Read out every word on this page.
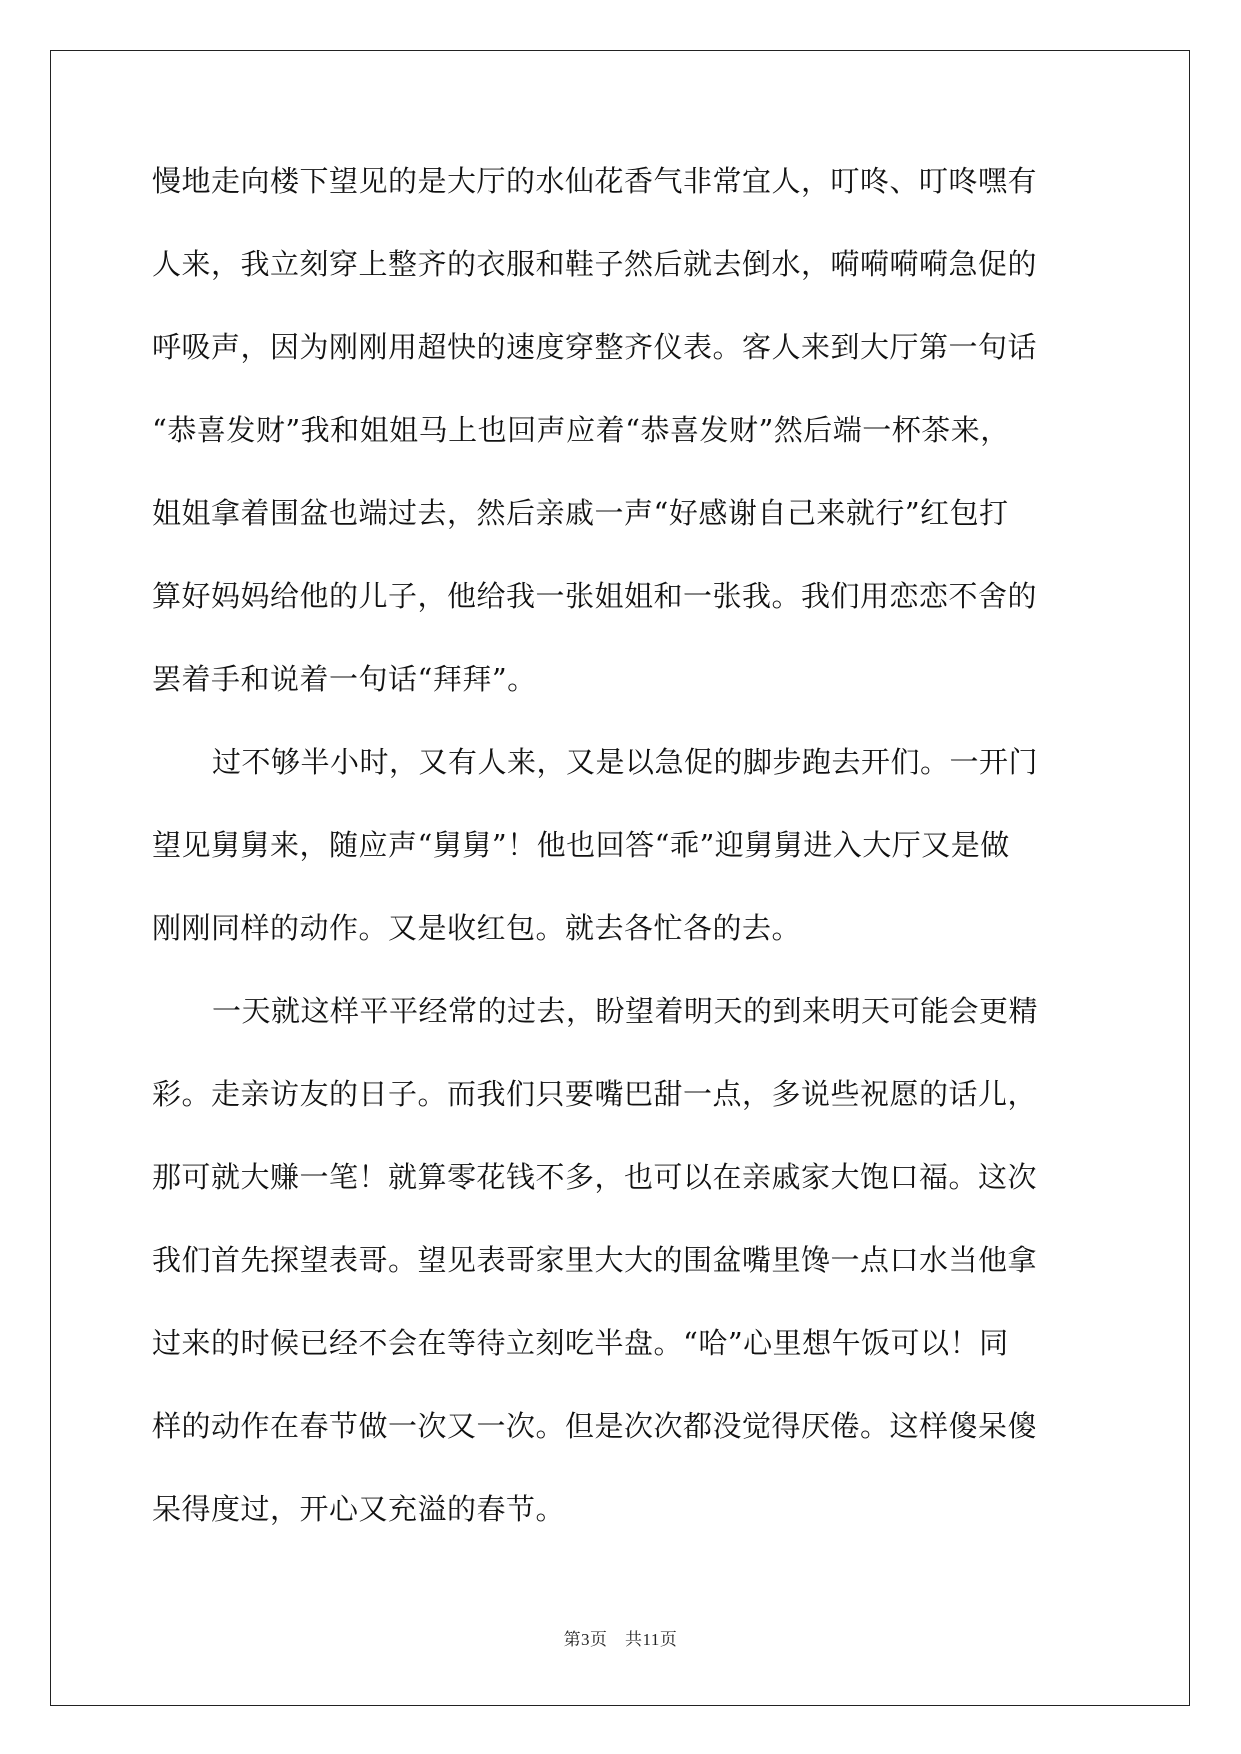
慢地走向楼下望见的是大厅的水仙花香气非常宜人，叮咚、叮咚嘿有
人来，我立刻穿上整齐的衣服和鞋子然后就去倒水，嗬嗬嗬嗬急促的
呼吸声，因为刚刚用超快的速度穿整齐仪表。客人来到大厅第一句话
“恭喜发财”我和姐姐马上也回声应着“恭喜发财”然后端一杯茶来，
姐姐拿着围盆也端过去，然后亲戚一声“好感谢自己来就行”红包打
算好妈妈给他的儿子，他给我一张姐姐和一张我。我们用恋恋不舍的
罢着手和说着一句话“拜拜”。
过不够半小时，又有人来，又是以急促的脚步跑去开们。一开门
望见舅舅来，随应声“舅舅”！他也回答“乖”迎舅舅进入大厅又是做
刚刚同样的动作。又是收红包。就去各忙各的去。
一天就这样平平经常的过去，盼望着明天的到来明天可能会更精
彩。走亲访友的日子。而我们只要嘴巴甜一点，多说些祝愿的话儿，
那可就大赚一笔！就算零花钱不多，也可以在亲戚家大饱口福。这次
我们首先探望表哥。望见表哥家里大大的围盆嘴里馋一点口水当他拿
过来的时候已经不会在等待立刻吃半盘。“哈”心里想午饭可以！同
样的动作在春节做一次又一次。但是次次都没觉得厌倦。这样傻呆傻
呆得度过，开心又充溢的春节。
第3页　共11页
